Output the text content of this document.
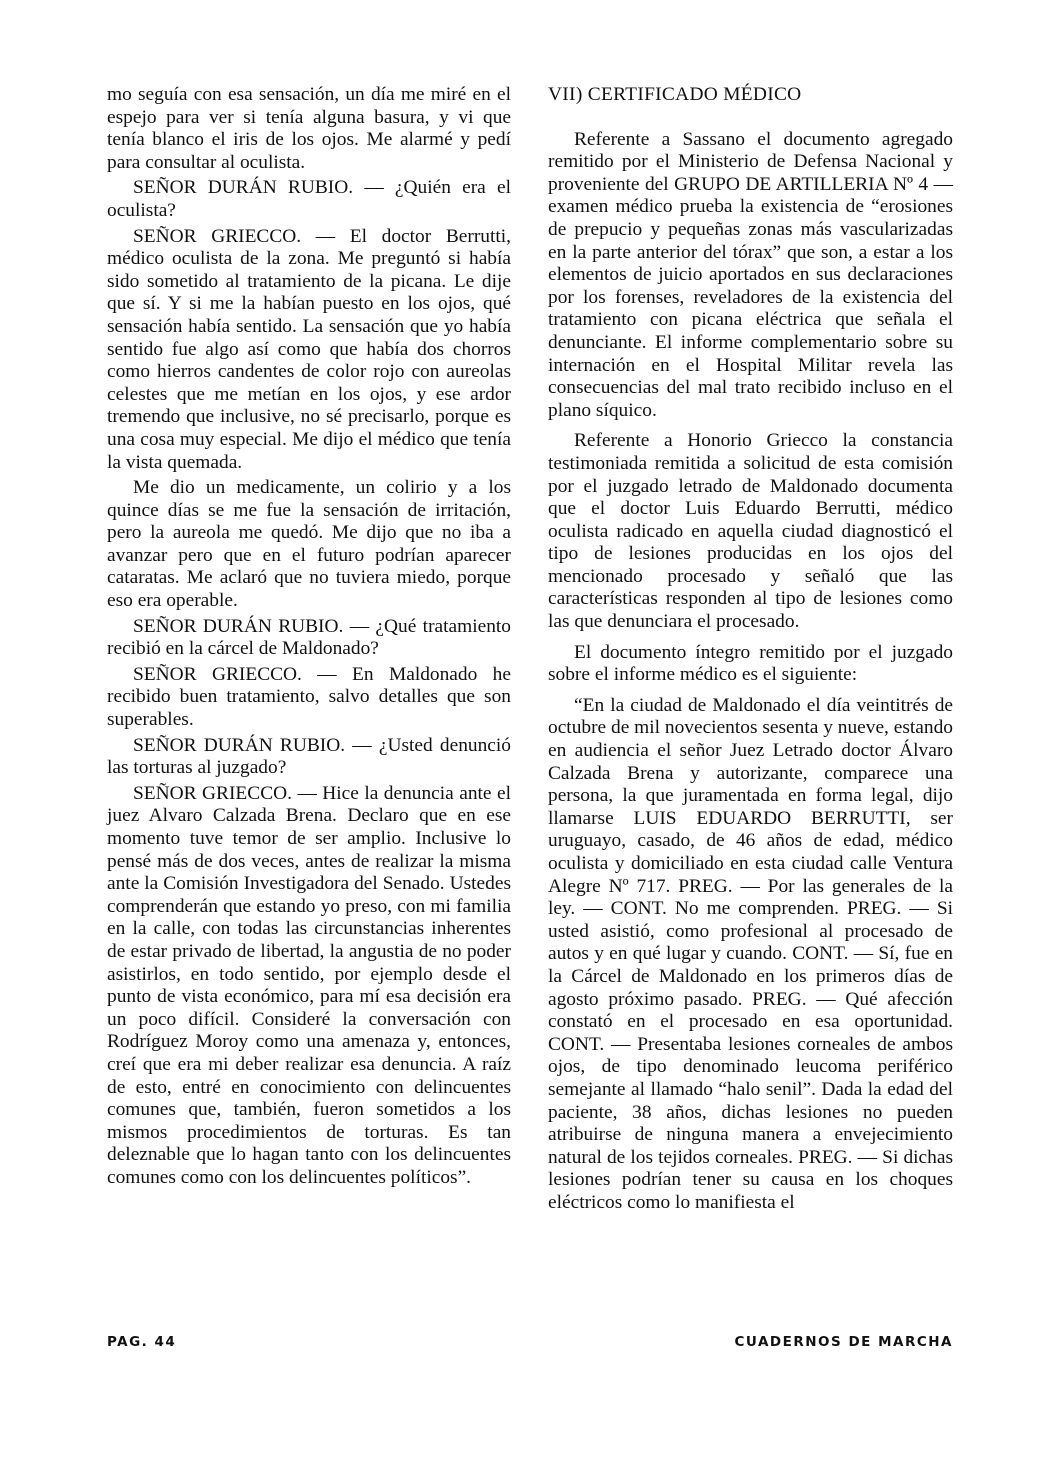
mo seguía con esa sensación, un día me miré en el espejo para ver si tenía alguna basura, y vi que tenía blanco el iris de los ojos. Me alarmé y pedí para consultar al oculista.

SEÑOR DURÁN RUBIO. — ¿Quién era el oculista?

SEÑOR GRIECCO. — El doctor Berrutti, médico oculista de la zona. Me preguntó si había sido sometido al tratamiento de la picana. Le dije que sí. Y si me la habían puesto en los ojos, qué sensación había sentido. La sensación que yo había sentido fue algo así como que había dos chorros como hierros candentes de color rojo con aureolas celestes que me metían en los ojos, y ese ardor tremendo que inclusive, no sé precisarlo, porque es una cosa muy especial. Me dijo el médico que tenía la vista quemada.

Me dio un medicamente, un colirio y a los quince días se me fue la sensación de irritación, pero la aureola me quedó. Me dijo que no iba a avanzar pero que en el futuro podrían aparecer cataratas. Me aclaró que no tuviera miedo, porque eso era operable.

SEÑOR DURÁN RUBIO. — ¿Qué tratamiento recibió en la cárcel de Maldonado?

SEÑOR GRIECCO. — En Maldonado he recibido buen tratamiento, salvo detalles que son superables.

SEÑOR DURÁN RUBIO. — ¿Usted denunció las torturas al juzgado?

SEÑOR GRIECCO. — Hice la denuncia ante el juez Alvaro Calzada Brena. Declaro que en ese momento tuve temor de ser amplio. Inclusive lo pensé más de dos veces, antes de realizar la misma ante la Comisión Investigadora del Senado. Ustedes comprenderán que estando yo preso, con mi familia en la calle, con todas las circunstancias inherentes de estar privado de libertad, la angustia de no poder asistirlos, en todo sentido, por ejemplo desde el punto de vista económico, para mí esa decisión era un poco difícil. Consideré la conversación con Rodríguez Moroy como una amenaza y, entonces, creí que era mi deber realizar esa denuncia. A raíz de esto, entré en conocimiento con delincuentes comunes que, también, fueron sometidos a los mismos procedimientos de torturas. Es tan deleznable que lo hagan tanto con los delincuentes comunes como con los delincuentes políticos”.

VII) CERTIFICADO MÉDICO

Referente a Sassano el documento agregado remitido por el Ministerio de Defensa Nacional y proveniente del GRUPO DE ARTILLERIA Nº 4 —examen médico prueba la existencia de “erosiones de prepucio y pequeñas zonas más vascularizadas en la parte anterior del tórax” que son, a estar a los elementos de juicio aportados en sus declaraciones por los forenses, reveladores de la existencia del tratamiento con picana eléctrica que señala el denunciante. El informe complementario sobre su internación en el Hospital Militar revela las consecuencias del mal trato recibido incluso en el plano síquico.

Referente a Honorio Griecco la constancia testimoniada remitida a solicitud de esta comisión por el juzgado letrado de Maldonado documenta que el doctor Luis Eduardo Berrutti, médico oculista radicado en aquella ciudad diagnosticó el tipo de lesiones producidas en los ojos del mencionado procesado y señaló que las características responden al tipo de lesiones como las que denunciara el procesado.

El documento íntegro remitido por el juzgado sobre el informe médico es el siguiente:

“En la ciudad de Maldonado el día veintitrés de octubre de mil novecientos sesenta y nueve, estando en audiencia el señor Juez Letrado doctor Álvaro Calzada Brena y autorizante, comparece una persona, la que juramentada en forma legal, dijo llamarse LUIS EDUARDO BERRUTTI, ser uruguayo, casado, de 46 años de edad, médico oculista y domiciliado en esta ciudad calle Ventura Alegre Nº 717. PREG. — Por las generales de la ley. — CONT. No me comprenden. PREG. — Si usted asistió, como profesional al procesado de autos y en qué lugar y cuando. CONT. — Sí, fue en la Cárcel de Maldonado en los primeros días de agosto próximo pasado. PREG. — Qué afección constató en el procesado en esa oportunidad. CONT. — Presentaba lesiones corneales de ambos ojos, de tipo denominado leucoma periférico semejante al llamado “halo senil”. Dada la edad del paciente, 38 años, dichas lesiones no pueden atribuirse de ninguna manera a envejecimiento natural de los tejidos corneales. PREG. — Si dichas lesiones podrían tener su causa en los choques eléctricos como lo manifiesta el

PAG. 44	CUADERNOS DE MARCHA
